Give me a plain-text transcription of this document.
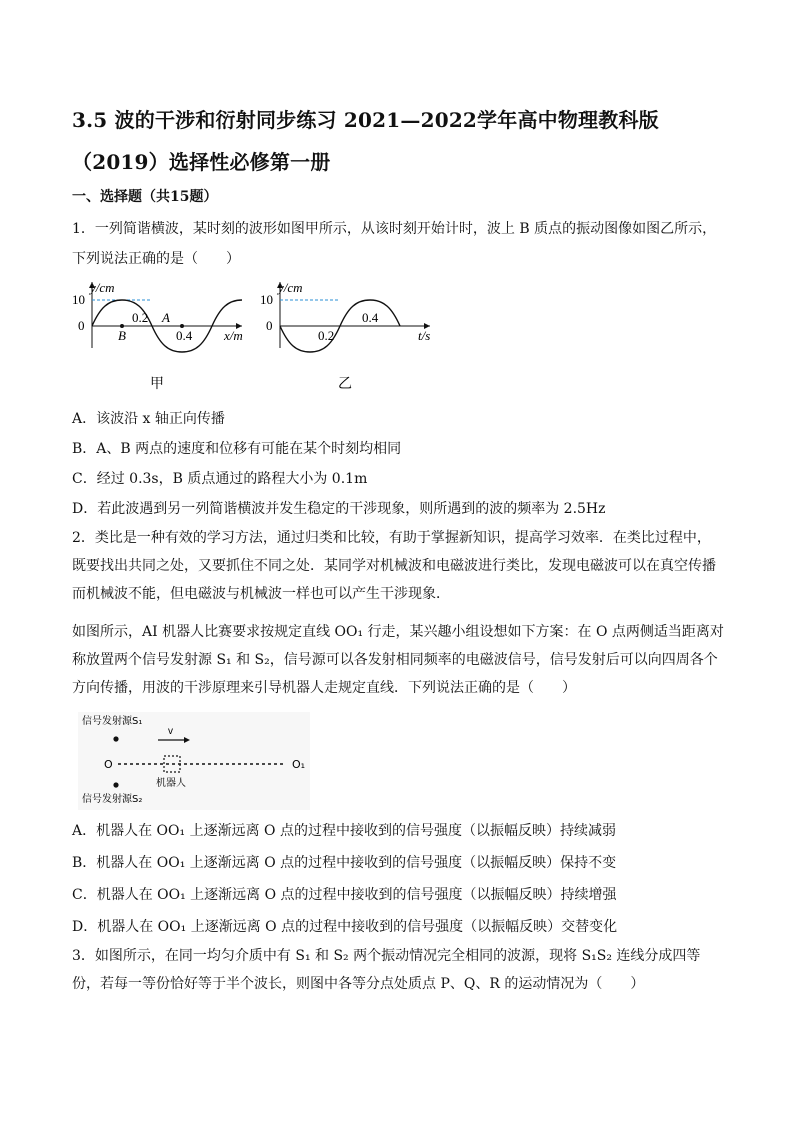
3.5 波的干涉和衍射同步练习 2021—2022学年高中物理教科版
（2019）选择性必修第一册
一、选择题（共15题）
1．一列简谐横波，某时刻的波形如图甲所示，从该时刻开始计时，波上 B 质点的振动图像如图乙所示，
下列说法正确的是（　　）
y/cm
10
0
0.2 A
B	0.4 x/m
甲
y/cm
10
0
0.2
0.4
t/s
乙
A．该波沿 x 轴正向传播
B．A、B 两点的速度和位移有可能在某个时刻均相同
C．经过 0.3s，B 质点通过的路程大小为 0.1m
D．若此波遇到另一列简谐横波并发生稳定的干涉现象，则所遇到的波的频率为 2.5Hz
2．类比是一种有效的学习方法，通过归类和比较，有助于掌握新知识，提高学习效率．在类比过程中，既要找出共同之处，又要抓住不同之处．某同学对机械波和电磁波进行类比，发现电磁波可以在真空传播而机械波不能，但电磁波与机械波一样也可以产生干涉现象．
如图所示，AI 机器人比赛要求按规定直线 OO₁ 行走，某兴趣小组设想如下方案：在 O 点两侧适当距离对称放置两个信号发射源 S₁ 和 S₂，信号源可以各发射相同频率的电磁波信号，信号发射后可以向四周各个方向传播，用波的干涉原理来引导机器人走规定直线．下列说法正确的是（　　）
信号发射源S₁
O	O₁
v
机器人
信号发射源S₂
A．机器人在 OO₁ 上逐渐远离 O 点的过程中接收到的信号强度（以振幅反映）持续减弱
B．机器人在 OO₁ 上逐渐远离 O 点的过程中接收到的信号强度（以振幅反映）保持不变
C．机器人在 OO₁ 上逐渐远离 O 点的过程中接收到的信号强度（以振幅反映）持续增强
D．机器人在 OO₁ 上逐渐远离 O 点的过程中接收到的信号强度（以振幅反映）交替变化
3．如图所示，在同一均匀介质中有 S₁ 和 S₂ 两个振动情况完全相同的波源，现将 S₁S₂ 连线分成四等份，若每一等份恰好等于半个波长，则图中各等分点处质点 P、Q、R 的运动情况为（　　）
